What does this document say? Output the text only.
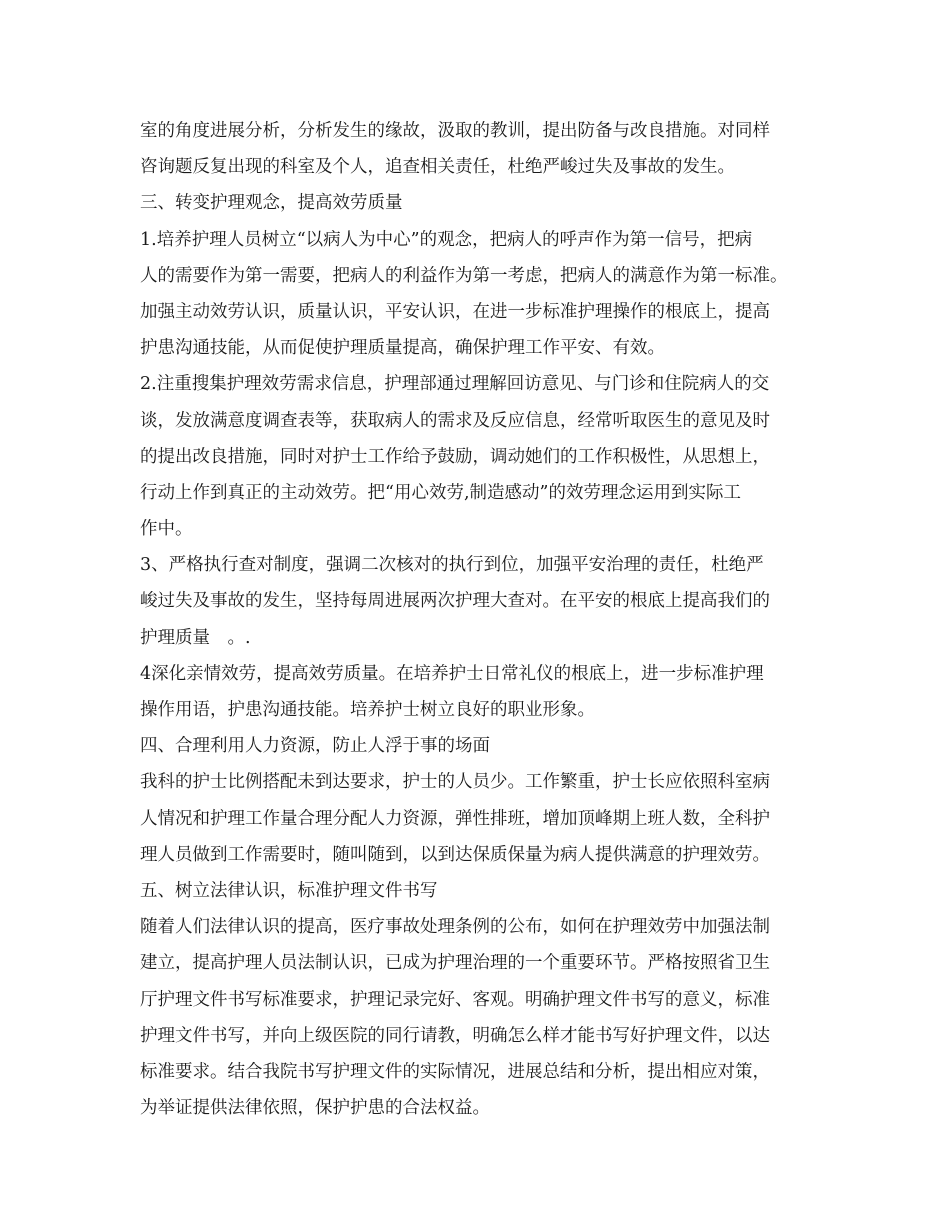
室的角度进展分析，分析发生的缘故，汲取的教训，提出防备与改良措施。对同样
咨询题反复出现的科室及个人，追查相关责任，杜绝严峻过失及事故的发生。
三、转变护理观念，提高效劳质量
1.培养护理人员树立“以病人为中心”的观念，把病人的呼声作为第一信号，把病
人的需要作为第一需要，把病人的利益作为第一考虑，把病人的满意作为第一标准。
加强主动效劳认识，质量认识，平安认识，在进一步标准护理操作的根底上，提高
护患沟通技能，从而促使护理质量提高，确保护理工作平安、有效。
2.注重搜集护理效劳需求信息，护理部通过理解回访意见、与门诊和住院病人的交
谈，发放满意度调查表等，获取病人的需求及反应信息，经常听取医生的意见及时
的提出改良措施，同时对护士工作给予鼓励，调动她们的工作积极性，从思想上，
行动上作到真正的主动效劳。把“用心效劳,制造感动”的效劳理念运用到实际工
作中。
3、严格执行查对制度，强调二次核对的执行到位，加强平安治理的责任，杜绝严
峻过失及事故的发生，坚持每周进展两次护理大查对。在平安的根底上提高我们的
护理质量　。.
4深化亲情效劳，提高效劳质量。在培养护士日常礼仪的根底上，进一步标准护理
操作用语，护患沟通技能。培养护士树立良好的职业形象。
四、合理利用人力资源，防止人浮于事的场面
我科的护士比例搭配未到达要求，护士的人员少。工作繁重，护士长应依照科室病
人情况和护理工作量合理分配人力资源，弹性排班，增加顶峰期上班人数，全科护
理人员做到工作需要时，随叫随到，以到达保质保量为病人提供满意的护理效劳。
五、树立法律认识，标准护理文件书写
随着人们法律认识的提高，医疗事故处理条例的公布，如何在护理效劳中加强法制
建立，提高护理人员法制认识，已成为护理治理的一个重要环节。严格按照省卫生
厅护理文件书写标准要求，护理记录完好、客观。明确护理文件书写的意义，标准
护理文件书写，并向上级医院的同行请教，明确怎么样才能书写好护理文件，以达
标准要求。结合我院书写护理文件的实际情况，进展总结和分析，提出相应对策，
为举证提供法律依照，保护护患的合法权益。
